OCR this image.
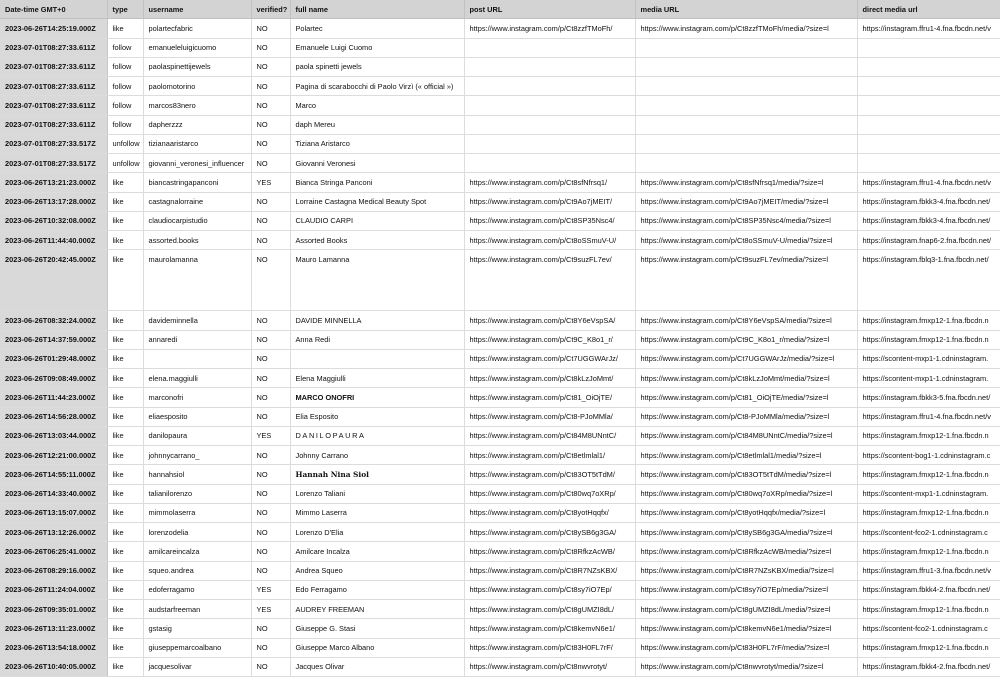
Date-time GMT+0	type	username	verified?	full name	post URL	media URL	direct media url
2023-06-26T14:25:19.000Z	like	polartecfabric	NO	Polartec	https://www.instagram.com/p/Ct8zzfTMoFh/	https://www.instagram.com/p/Ct8zzfTMoFh/media/?size=l	https://instagram.ffru1-4.fna.fbcdn.net/v
2023-07-01T08:27:33.611Z	follow	emanueleluigicuomo	NO	Emanuele Luigi Cuomo			
2023-07-01T08:27:33.611Z	follow	paolaspinettijewels	NO	paola spinetti jewels			
2023-07-01T08:27:33.611Z	follow	paolomotorino	NO	Pagina di scarabocchi di Paolo Virzì (« official »)			
2023-07-01T08:27:33.611Z	follow	marcos83nero	NO	Marco			
2023-07-01T08:27:33.611Z	follow	dapherzzz	NO	daph Mereu			
2023-07-01T08:27:33.517Z	unfollow	tizianaaristarco	NO	Tiziana Aristarco			
2023-07-01T08:27:33.517Z	unfollow	giovanni_veronesi_influencer	NO	Giovanni Veronesi			
2023-06-26T13:21:23.000Z	like	biancastringapanconi	YES	Bianca Stringa Panconi	https://www.instagram.com/p/Ct8sfNfrsq1/	https://www.instagram.com/p/Ct8sfNfrsq1/media/?size=l	https://instagram.ffru1-4.fna.fbcdn.net/v
2023-06-26T13:17:28.000Z	like	castagnalorraine	NO	Lorraine Castagna Medical Beauty Spot	https://www.instagram.com/p/Ct9Ao7jMEIT/	https://www.instagram.com/p/Ct9Ao7jMEIT/media/?size=l	https://instagram.fbkk3-4.fna.fbcdn.net/
2023-06-26T10:32:08.000Z	like	claudiocarpistudio	NO	CLAUDIO CARPI	https://www.instagram.com/p/Ct8SP35Nsc4/	https://www.instagram.com/p/Ct8SP35Nsc4/media/?size=l	https://instagram.fbkk3-4.fna.fbcdn.net/
2023-06-26T11:44:40.000Z	like	assorted.books	NO	Assorted Books	https://www.instagram.com/p/Ct8oSSmuV-U/	https://www.instagram.com/p/Ct8oSSmuV-U/media/?size=l	https://instagram.fnap6-2.fna.fbcdn.net/
2023-06-26T20:42:45.000Z	like	maurolamanna	NO	Mauro Lamanna	https://www.instagram.com/p/Ct9suzFL7ev/	https://www.instagram.com/p/Ct9suzFL7ev/media/?size=l	https://instagram.fblq3-1.fna.fbcdn.net/
2023-06-26T08:32:24.000Z	like	davideminnella	NO	DAVIDE MINNELLA	https://www.instagram.com/p/Ct8Y6eVspSA/	https://www.instagram.com/p/Ct8Y6eVspSA/media/?size=l	https://instagram.fmxp12-1.fna.fbcdn.n
2023-06-26T14:37:59.000Z	like	annaredi	NO	Anna Redi	https://www.instagram.com/p/Ct9C_K8o1_r/	https://www.instagram.com/p/Ct9C_K8o1_r/media/?size=l	https://instagram.fmxp12-1.fna.fbcdn.n
2023-06-26T01:29:48.000Z	like		NO		https://www.instagram.com/p/Ct7UGGWArJz/	https://www.instagram.com/p/Ct7UGGWArJz/media/?size=l	https://scontent-mxp1-1.cdninstagram.
2023-06-26T09:08:49.000Z	like	elena.maggiulli	NO	Elena Maggiulli	https://www.instagram.com/p/Ct8kLzJoMmt/	https://www.instagram.com/p/Ct8kLzJoMmt/media/?size=l	https://scontent-mxp1-1.cdninstagram.
2023-06-26T11:44:23.000Z	like	marconofri	NO	MARCO ONOFRI	https://www.instagram.com/p/Ct81_OiOjTE/	https://www.instagram.com/p/Ct81_OiOjTE/media/?size=l	https://instagram.fbkk3-5.fna.fbcdn.net/
2023-06-26T14:56:28.000Z	like	eliaesposito	NO	Elia Esposito	https://www.instagram.com/p/Ct8-PJoMMla/	https://www.instagram.com/p/Ct8-PJoMMla/media/?size=l	https://instagram.ffru1-4.fna.fbcdn.net/v
2023-06-26T13:03:44.000Z	like	danilopaura	YES	DANILOPAURA	https://www.instagram.com/p/Ct84M8UNntC/	https://www.instagram.com/p/Ct84M8UNntC/media/?size=l	https://instagram.fmxp12-1.fna.fbcdn.n
2023-06-26T12:21:00.000Z	like	johnnycarrano_	NO	Johnny Carrano	https://www.instagram.com/p/Ct8etlmlal1/	https://www.instagram.com/p/Ct8etlmlal1/media/?size=l	https://scontent-bog1-1.cdninstagram.c
2023-06-26T14:55:11.000Z	like	hannahsiol	NO	Hannah Nina Siol	https://www.instagram.com/p/Ct83OT5tTdM/	https://www.instagram.com/p/Ct83OT5tTdM/media/?size=l	https://instagram.fmxp12-1.fna.fbcdn.n
2023-06-26T14:33:40.000Z	like	talianilorenzo	NO	Lorenzo Taliani	https://www.instagram.com/p/Ct80wq7oXRp/	https://www.instagram.com/p/Ct80wq7oXRp/media/?size=l	https://scontent-mxp1-1.cdninstagram.
2023-06-26T13:15:07.000Z	like	mimmolaserra	NO	Mimmo Laserra	https://www.instagram.com/p/Ct8yotHqqfx/	https://www.instagram.com/p/Ct8yotHqqfx/media/?size=l	https://instagram.fmxp12-1.fna.fbcdn.n
2023-06-26T13:12:26.000Z	like	lorenzodelia	NO	Lorenzo D'Elia	https://www.instagram.com/p/Ct8ySB6g3GA/	https://www.instagram.com/p/Ct8ySB6g3GA/media/?size=l	https://scontent-fco2-1.cdninstagram.c
2023-06-26T06:25:41.000Z	like	amilcareincalza	NO	Amilcare Incalza	https://www.instagram.com/p/Ct8RfkzAcWB/	https://www.instagram.com/p/Ct8RfkzAcWB/media/?size=l	https://instagram.fmxp12-1.fna.fbcdn.n
2023-06-26T08:29:16.000Z	like	squeo.andrea	NO	Andrea Squeo	https://www.instagram.com/p/Ct8R7NZsKBX/	https://www.instagram.com/p/Ct8R7NZsKBX/media/?size=l	https://instagram.ffru1-3.fna.fbcdn.net/v
2023-06-26T11:24:04.000Z	like	edoferragamo	YES	Edo Ferragamo	https://www.instagram.com/p/Ct8sy7iO7Ep/	https://www.instagram.com/p/Ct8sy7iO7Ep/media/?size=l	https://instagram.fbkk4-2.fna.fbcdn.net/
2023-06-26T09:35:01.000Z	like	audstarfreeman	YES	AUDREY FREEMAN	https://www.instagram.com/p/Ct8gUMZI8dL/	https://www.instagram.com/p/Ct8gUMZI8dL/media/?size=l	https://instagram.fmxp12-1.fna.fbcdn.n
2023-06-26T13:11:23.000Z	like	gstasig	NO	Giuseppe G. Stasi	https://www.instagram.com/p/Ct8kemvN6e1/	https://www.instagram.com/p/Ct8kemvN6e1/media/?size=l	https://scontent-fco2-1.cdninstagram.c
2023-06-26T13:54:18.000Z	like	giuseppemarcoalbano	NO	Giuseppe Marco Albano	https://www.instagram.com/p/Ct83H0FL7rF/	https://www.instagram.com/p/Ct83H0FL7rF/media/?size=l	https://instagram.fmxp12-1.fna.fbcdn.n
2023-06-26T10:40:05.000Z	like	jacquesolivar	NO	Jacques Olivar	https://www.instagram.com/p/Ct8nwvrotyt/	https://www.instagram.com/p/Ct8nwvrotyt/media/?size=l	https://instagram.fbkk4-2.fna.fbcdn.net/
